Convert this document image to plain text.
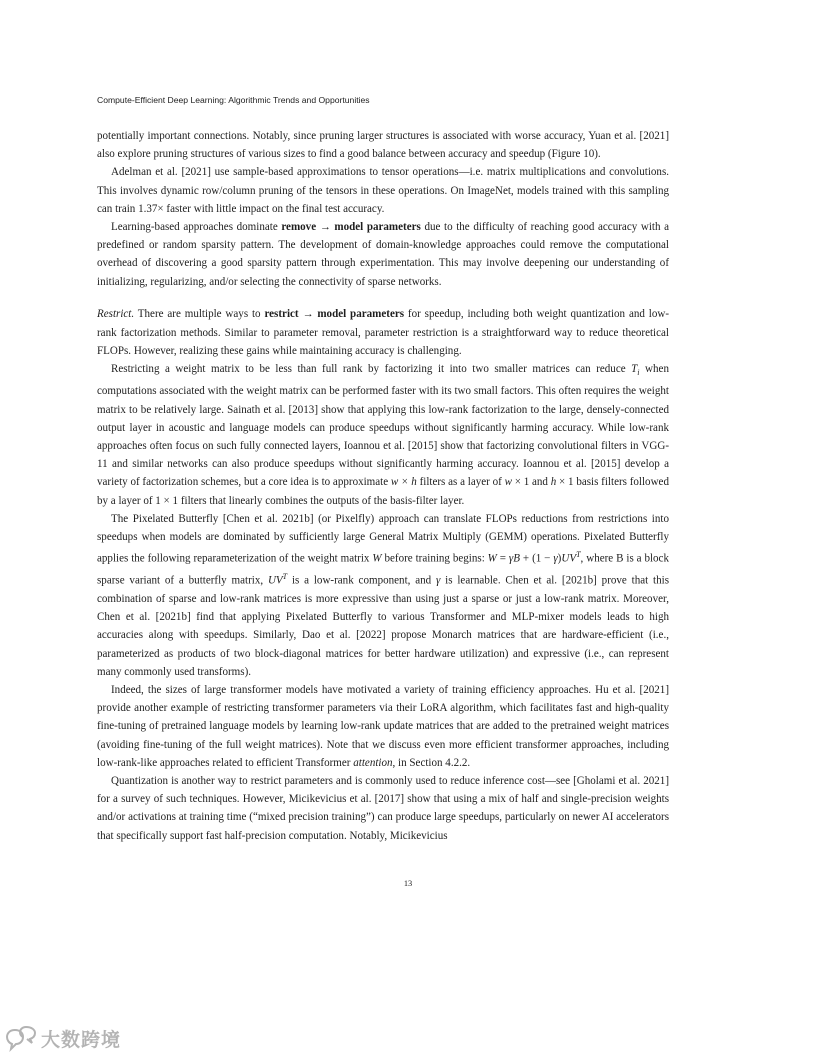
Compute-Efficient Deep Learning: Algorithmic Trends and Opportunities

potentially important connections. Notably, since pruning larger structures is associated with worse accuracy, Yuan et al. [2021] also explore pruning structures of various sizes to find a good balance between accuracy and speedup (Figure 10).

Adelman et al. [2021] use sample-based approximations to tensor operations—i.e. matrix multiplications and convolutions. This involves dynamic row/column pruning of the tensors in these operations. On ImageNet, models trained with this sampling can train 1.37× faster with little impact on the final test accuracy.

Learning-based approaches dominate remove → model parameters due to the difficulty of reaching good accuracy with a predefined or random sparsity pattern. The development of domain-knowledge approaches could remove the computational overhead of discovering a good sparsity pattern through experimentation. This may involve deepening our understanding of initializing, regularizing, and/or selecting the connectivity of sparse networks.

Restrict. There are multiple ways to restrict → model parameters for speedup, including both weight quantization and low-rank factorization methods. Similar to parameter removal, parameter restriction is a straightforward way to reduce theoretical FLOPs. However, realizing these gains while maintaining accuracy is challenging.

Restricting a weight matrix to be less than full rank by factorizing it into two smaller matrices can reduce $T_i$ when computations associated with the weight matrix can be performed faster with its two small factors. This often requires the weight matrix to be relatively large. Sainath et al. [2013] show that applying this low-rank factorization to the large, densely-connected output layer in acoustic and language models can produce speedups without significantly harming accuracy. While low-rank approaches often focus on such fully connected layers, Ioannou et al. [2015] show that factorizing convolutional filters in VGG-11 and similar networks can also produce speedups without significantly harming accuracy. Ioannou et al. [2015] develop a variety of factorization schemes, but a core idea is to approximate w × h filters as a layer of w × 1 and h × 1 basis filters followed by a layer of 1 × 1 filters that linearly combines the outputs of the basis-filter layer.

The Pixelated Butterfly [Chen et al. 2021b] (or Pixelfly) approach can translate FLOPs reductions from restrictions into speedups when models are dominated by sufficiently large General Matrix Multiply (GEMM) operations. Pixelated Butterfly applies the following reparameterization of the weight matrix W before training begins: $W = \gamma B + (1 - \gamma)UV^T$, where B is a block sparse variant of a butterfly matrix, $UV^T$ is a low-rank component, and γ is learnable. Chen et al. [2021b] prove that this combination of sparse and low-rank matrices is more expressive than using just a sparse or just a low-rank matrix. Moreover, Chen et al. [2021b] find that applying Pixelated Butterfly to various Transformer and MLP-mixer models leads to high accuracies along with speedups. Similarly, Dao et al. [2022] propose Monarch matrices that are hardware-efficient (i.e., parameterized as products of two block-diagonal matrices for better hardware utilization) and expressive (i.e., can represent many commonly used transforms).

Indeed, the sizes of large transformer models have motivated a variety of training efficiency approaches. Hu et al. [2021] provide another example of restricting transformer parameters via their LoRA algorithm, which facilitates fast and high-quality fine-tuning of pretrained language models by learning low-rank update matrices that are added to the pretrained weight matrices (avoiding fine-tuning of the full weight matrices). Note that we discuss even more efficient transformer approaches, including low-rank-like approaches related to efficient Transformer attention, in Section 4.2.2.

Quantization is another way to restrict parameters and is commonly used to reduce inference cost—see [Gholami et al. 2021] for a survey of such techniques. However, Micikevicius et al. [2017] show that using a mix of half and single-precision weights and/or activations at training time (“mixed precision training”) can produce large speedups, particularly on newer AI accelerators that specifically support fast half-precision computation. Notably, Micikevicius

13
大数跨境
